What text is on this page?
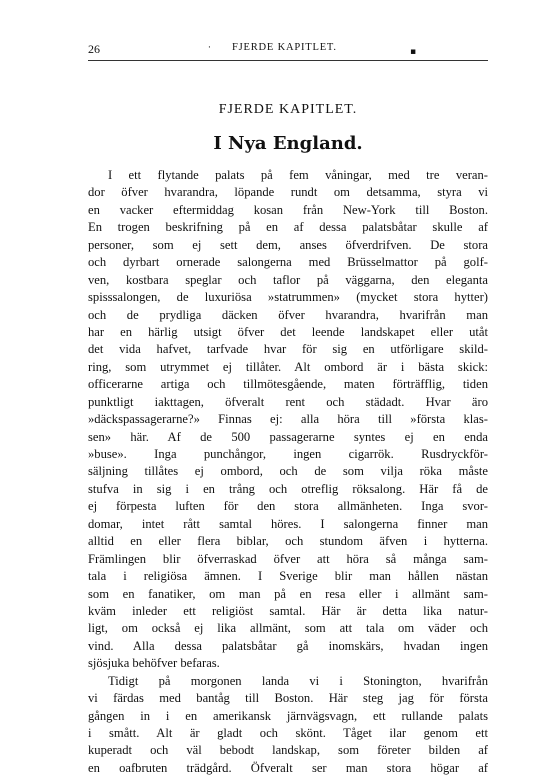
26	· FJERDE KAPITLET.	▪
FJERDE KAPITLET.
I Nya England.
I ett flytande palats på fem våningar, med tre veran-
dor öfver hvarandra, löpande rundt om detsamma, styra vi
en vacker eftermiddag kosan från New-York till Boston.
En trogen beskrifning på en af dessa palatsbåtar skulle af
personer, som ej sett dem, anses öfverdrifven. De stora
och dyrbart ornerade salongerna med Brüsselmattor på golf-
ven, kostbara speglar och taflor på väggarna, den eleganta
spisssalongen, de luxuriösa »statrummen» (mycket stora hytter)
och de prydliga däcken öfver hvarandra, hvarifrån man
har en härlig utsigt öfver det leende landskapet eller utåt
det vida hafvet, tarfvade hvar för sig en utförligare skild-
ring, som utrymmet ej tillåter. Alt ombord är i bästa skick:
officerarne artiga och tillmötesgående, maten förträfflig, tiden
punktligt iakttagen, öfveralt rent och städadt. Hvar äro
»däckspassagerarne?» Finnas ej: alla höra till »första klas-
sen» här. Af de 500 passagerarne syntes ej en enda
»buse». Inga punchångor, ingen cigarrök. Rusdryckför-
säljning tillåtes ej ombord, och de som vilja röka måste
stufva in sig i en trång och otreflig röksalong. Här få de
ej förpesta luften för den stora allmänheten. Inga svor-
domar, intet rått samtal höres. I salongerna finner man
alltid en eller flera biblar, och stundom äfven i hytterna.
Främlingen blir öfverraskad öfver att höra så många sam-
tala i religiösa ämnen. I Sverige blir man hållen nästan
som en fanatiker, om man på en resa eller i allmänt sam-
kväm inleder ett religiöst samtal. Här är detta lika natur-
ligt, om också ej lika allmänt, som att tala om väder och
vind. Alla dessa palatsbåtar gå inomskärs, hvadan ingen
sjösjuka behöfver befaras.
Tidigt på morgonen landa vi i Stonington, hvarifrån
vi färdas med bantåg till Boston. Här steg jag för första
gången in i en amerikansk järnvägsvagn, ett rullande palats
i smått. Alt är gladt och skönt. Tåget ilar genom ett
kuperadt och väl bebodt landskap, som företer bilden af
en oafbruten trädgård. Öfveralt ser man stora högar af
